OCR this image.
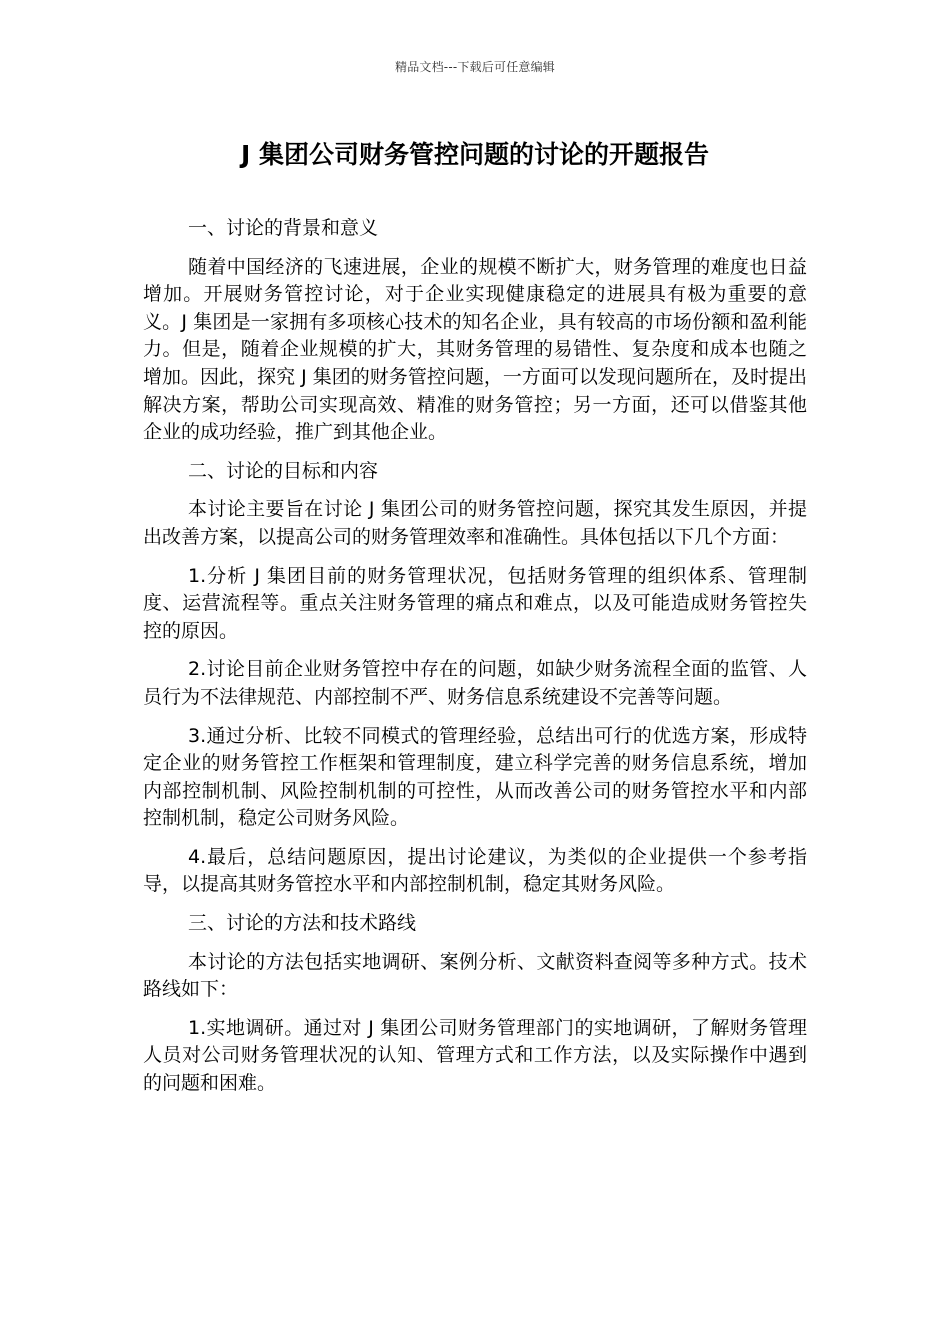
精品文档---下载后可任意编辑
J 集团公司财务管控问题的讨论的开题报告

一、讨论的背景和意义

随着中国经济的飞速进展，企业的规模不断扩大，财务管理的难度也日益增加。开展财务管控讨论，对于企业实现健康稳定的进展具有极为重要的意义。J 集团是一家拥有多项核心技术的知名企业，具有较高的市场份额和盈利能力。但是，随着企业规模的扩大，其财务管理的易错性、复杂度和成本也随之增加。因此，探究 J 集团的财务管控问题，一方面可以发现问题所在，及时提出解决方案，帮助公司实现高效、精准的财务管控；另一方面，还可以借鉴其他企业的成功经验，推广到其他企业。

二、讨论的目标和内容

本讨论主要旨在讨论 J 集团公司的财务管控问题，探究其发生原因，并提出改善方案，以提高公司的财务管理效率和准确性。具体包括以下几个方面：

1.分析 J 集团目前的财务管理状况，包括财务管理的组织体系、管理制度、运营流程等。重点关注财务管理的痛点和难点，以及可能造成财务管控失控的原因。

2.讨论目前企业财务管控中存在的问题，如缺少财务流程全面的监管、人员行为不法律规范、内部控制不严、财务信息系统建设不完善等问题。

3.通过分析、比较不同模式的管理经验，总结出可行的优选方案，形成特定企业的财务管控工作框架和管理制度，建立科学完善的财务信息系统，增加内部控制机制、风险控制机制的可控性，从而改善公司的财务管控水平和内部控制机制，稳定公司财务风险。

4.最后，总结问题原因，提出讨论建议，为类似的企业提供一个参考指导，以提高其财务管控水平和内部控制机制，稳定其财务风险。

三、讨论的方法和技术路线

本讨论的方法包括实地调研、案例分析、文献资料查阅等多种方式。技术路线如下：

1.实地调研。通过对 J 集团公司财务管理部门的实地调研，了解财务管理人员对公司财务管理状况的认知、管理方式和工作方法，以及实际操作中遇到的问题和困难。
